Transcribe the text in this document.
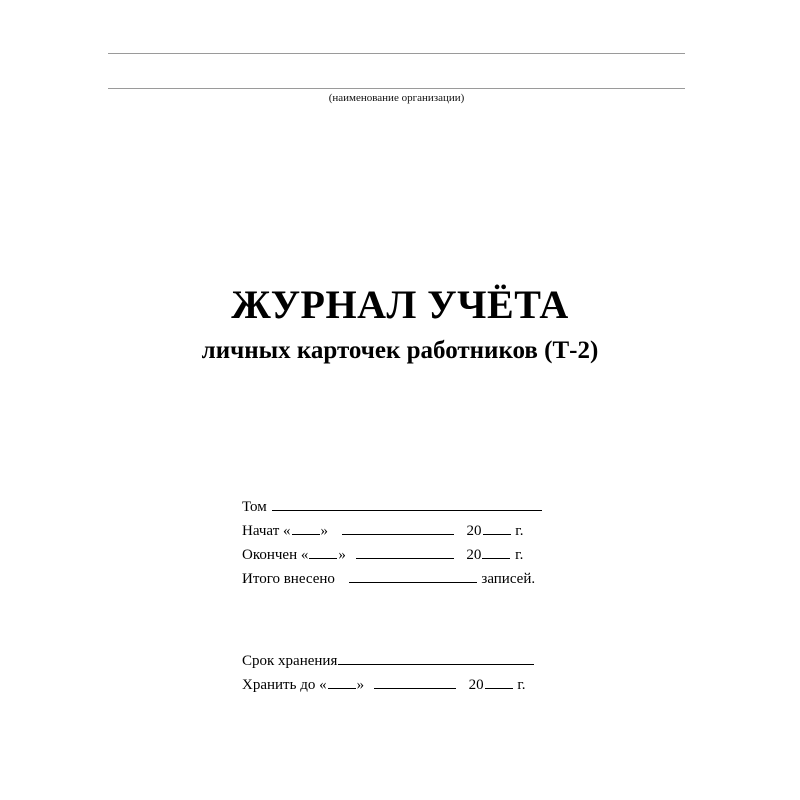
(наименование организации)
ЖУРНАЛ УЧЁТА
личных карточек работников (Т-2)
Том
Начат « »	20 г.
Окончен « »	20 г.
Итого внесено	записей.
Срок хранения
Хранить до « »	20 г.
